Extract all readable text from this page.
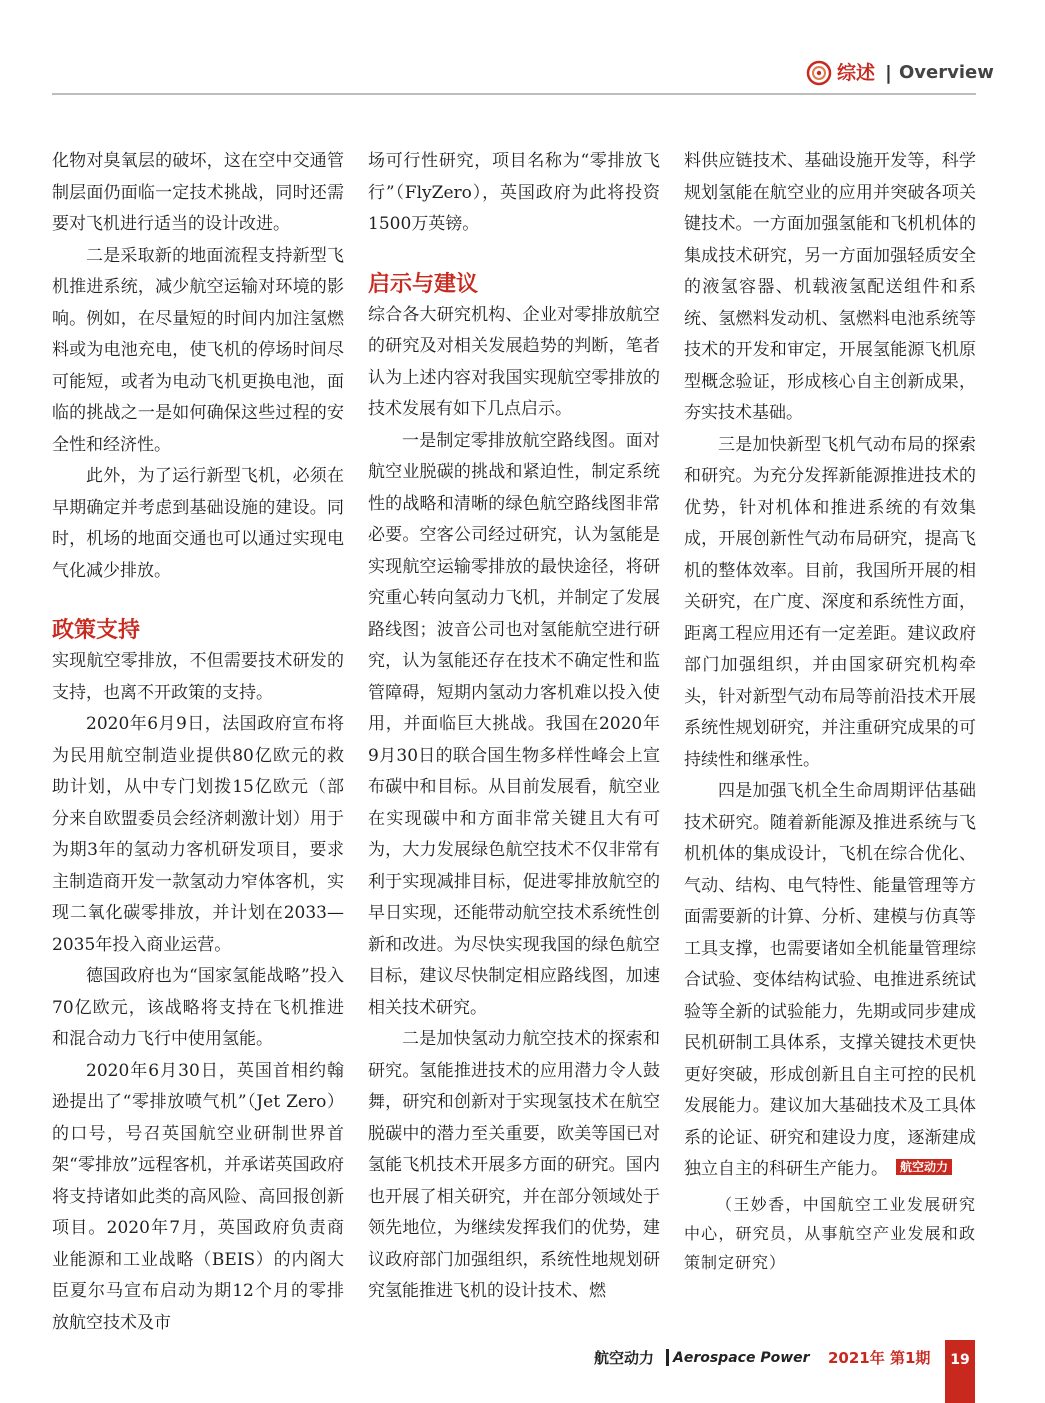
综述 | Overview

化物对臭氧层的破坏，这在空中交通管制层面仍面临一定技术挑战，同时还需要对飞机进行适当的设计改进。

二是采取新的地面流程支持新型飞机推进系统，减少航空运输对环境的影响。例如，在尽量短的时间内加注氢燃料或为电池充电，使飞机的停场时间尽可能短，或者为电动飞机更换电池，面临的挑战之一是如何确保这些过程的安全性和经济性。

此外，为了运行新型飞机，必须在早期确定并考虑到基础设施的建设。同时，机场的地面交通也可以通过实现电气化减少排放。

政策支持

实现航空零排放，不但需要技术研发的支持，也离不开政策的支持。

2020年6月9日，法国政府宣布将为民用航空制造业提供80亿欧元的救助计划，从中专门划拨15亿欧元（部分来自欧盟委员会经济刺激计划）用于为期3年的氢动力客机研发项目，要求主制造商开发一款氢动力窄体客机，实现二氧化碳零排放，并计划在2033—2035年投入商业运营。

德国政府也为“国家氢能战略”投入70亿欧元，该战略将支持在飞机推进和混合动力飞行中使用氢能。

2020年6月30日，英国首相约翰逊提出了“零排放喷气机”（Jet Zero）的口号，号召英国航空业研制世界首架“零排放”远程客机，并承诺英国政府将支持诸如此类的高风险、高回报创新项目。2020年7月，英国政府负责商业能源和工业战略（BEIS）的内阁大臣夏尔马宣布启动为期12个月的零排放航空技术及市

场可行性研究，项目名称为“零排放飞行”（FlyZero），英国政府为此将投资1500万英镑。

启示与建议

综合各大研究机构、企业对零排放航空的研究及对相关发展趋势的判断，笔者认为上述内容对我国实现航空零排放的技术发展有如下几点启示。

一是制定零排放航空路线图。面对航空业脱碳的挑战和紧迫性，制定系统性的战略和清晰的绿色航空路线图非常必要。空客公司经过研究，认为氢能是实现航空运输零排放的最快途径，将研究重心转向氢动力飞机，并制定了发展路线图；波音公司也对氢能航空进行研究，认为氢能还存在技术不确定性和监管障碍，短期内氢动力客机难以投入使用，并面临巨大挑战。我国在2020年9月30日的联合国生物多样性峰会上宣布碳中和目标。从目前发展看，航空业在实现碳中和方面非常关键且大有可为，大力发展绿色航空技术不仅非常有利于实现减排目标，促进零排放航空的早日实现，还能带动航空技术系统性创新和改进。为尽快实现我国的绿色航空目标，建议尽快制定相应路线图，加速相关技术研究。

二是加快氢动力航空技术的探索和研究。氢能推进技术的应用潜力令人鼓舞，研究和创新对于实现氢技术在航空脱碳中的潜力至关重要，欧美等国已对氢能飞机技术开展多方面的研究。国内也开展了相关研究，并在部分领域处于领先地位，为继续发挥我们的优势，建议政府部门加强组织，系统性地规划研究氢能推进飞机的设计技术、燃

料供应链技术、基础设施开发等，科学规划氢能在航空业的应用并突破各项关键技术。一方面加强氢能和飞机机体的集成技术研究，另一方面加强轻质安全的液氢容器、机载液氢配送组件和系统、氢燃料发动机、氢燃料电池系统等技术的开发和审定，开展氢能源飞机原型概念验证，形成核心自主创新成果，夯实技术基础。

三是加快新型飞机气动布局的探索和研究。为充分发挥新能源推进技术的优势，针对机体和推进系统的有效集成，开展创新性气动布局研究，提高飞机的整体效率。目前，我国所开展的相关研究，在广度、深度和系统性方面，距离工程应用还有一定差距。建议政府部门加强组织，并由国家研究机构牵头，针对新型气动布局等前沿技术开展系统性规划研究，并注重研究成果的可持续性和继承性。

四是加强飞机全生命周期评估基础技术研究。随着新能源及推进系统与飞机机体的集成设计，飞机在综合优化、气动、结构、电气特性、能量管理等方面需要新的计算、分析、建模与仿真等工具支撑，也需要诸如全机能量管理综合试验、变体结构试验、电推进系统试验等全新的试验能力，先期或同步建成民机研制工具体系，支撑关键技术更快更好突破，形成创新且自主可控的民机发展能力。建议加大基础技术及工具体系的论证、研究和建设力度，逐渐建成独立自主的科研生产能力。 航空动力

（王妙香，中国航空工业发展研究中心，研究员，从事航空产业发展和政策制定研究）

航空动力 Aerospace Power 2021年 第1期	19
